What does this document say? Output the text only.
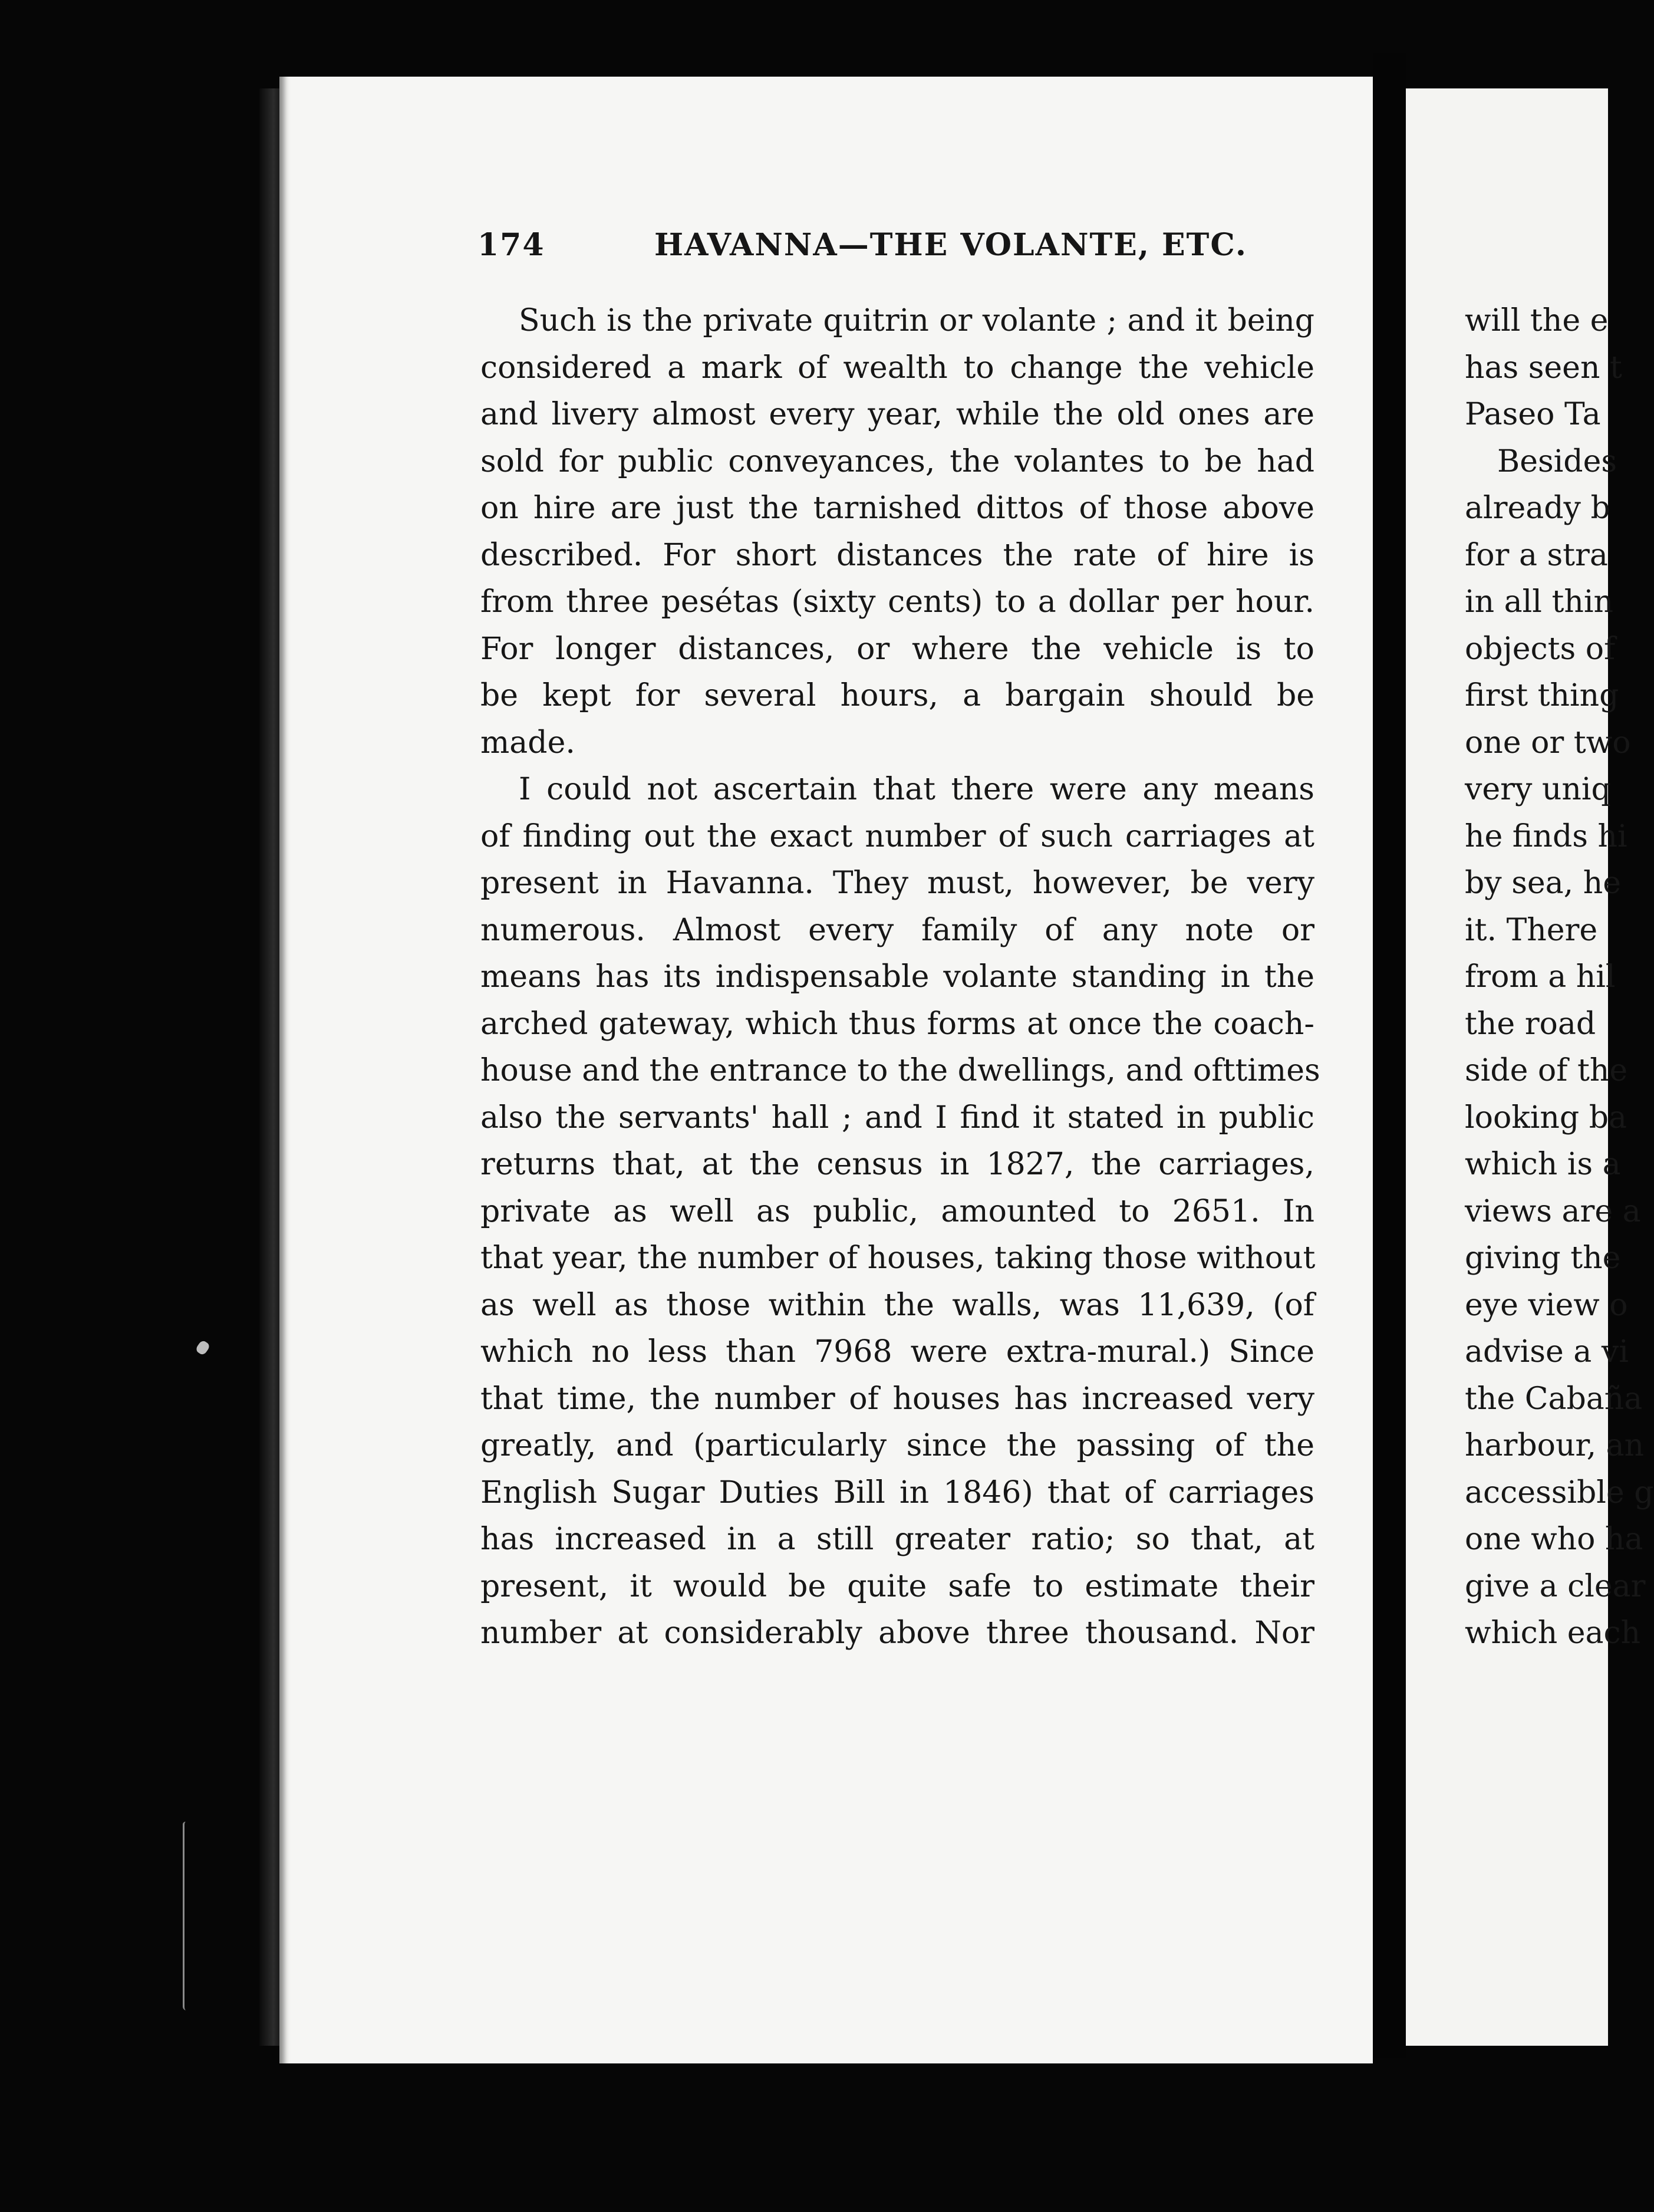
174	HAVANNA—THE VOLANTE, ETC.
Such is the private quitrin or volante ; and it being
considered a mark of wealth to change the vehicle
and livery almost every year, while the old ones are
sold for public conveyances, the volantes to be had
on hire are just the tarnished dittos of those above
described. For short distances the rate of hire is
from three pesétas (sixty cents) to a dollar per hour.
For longer distances, or where the vehicle is to
be kept for several hours, a bargain should be
made.
I could not ascertain that there were any means
of finding out the exact number of such carriages at
present in Havanna. They must, however, be very
numerous. Almost every family of any note or
means has its indispensable volante standing in the
arched gateway, which thus forms at once the coach-
house and the entrance to the dwellings, and ofttimes
also the servants' hall ; and I find it stated in public
returns that, at the census in 1827, the carriages,
private as well as public, amounted to 2651. In
that year, the number of houses, taking those without
as well as those within the walls, was 11,639, (of
which no less than 7968 were extra-mural.) Since
that time, the number of houses has increased very
greatly, and (particularly since the passing of the
English Sugar Duties Bill in 1846) that of carriages
has increased in a still greater ratio; so that, at
present, it would be quite safe to estimate their
number at considerably above three thousand. Nor
will the e
has seen t
Paseo Ta
Besides
already b
for a stra
in all thin
objects of
first thing
one or two
very uniq
he finds hi
by sea, he
it. There
from a hil
the road
side of the
looking ba
which is a
views are a
giving the
eye view o
advise a vi
the Cabaña
harbour, an
accessible g
one who ha
give a clear
which each
